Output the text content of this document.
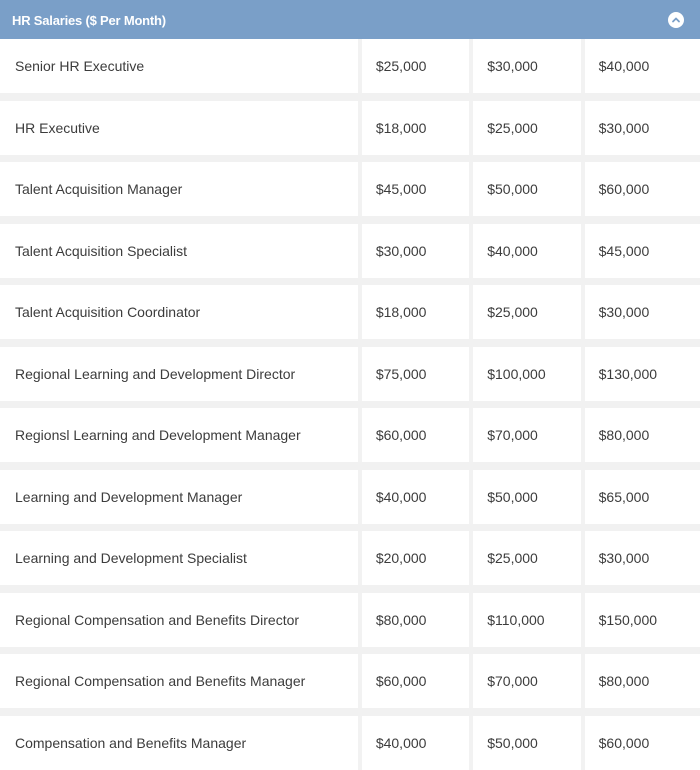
HR Salaries ($ Per Month)
Senior HR Executive	$25,000	$30,000	$40,000
HR Executive	$18,000	$25,000	$30,000
Talent Acquisition Manager	$45,000	$50,000	$60,000
Talent Acquisition Specialist	$30,000	$40,000	$45,000
Talent Acquisition Coordinator	$18,000	$25,000	$30,000
Regional Learning and Development Director	$75,000	$100,000	$130,000
Regionsl Learning and Development Manager	$60,000	$70,000	$80,000
Learning and Development Manager	$40,000	$50,000	$65,000
Learning and Development Specialist	$20,000	$25,000	$30,000
Regional Compensation and Benefits Director	$80,000	$110,000	$150,000
Regional Compensation and Benefits Manager	$60,000	$70,000	$80,000
Compensation and Benefits Manager	$40,000	$50,000	$60,000
